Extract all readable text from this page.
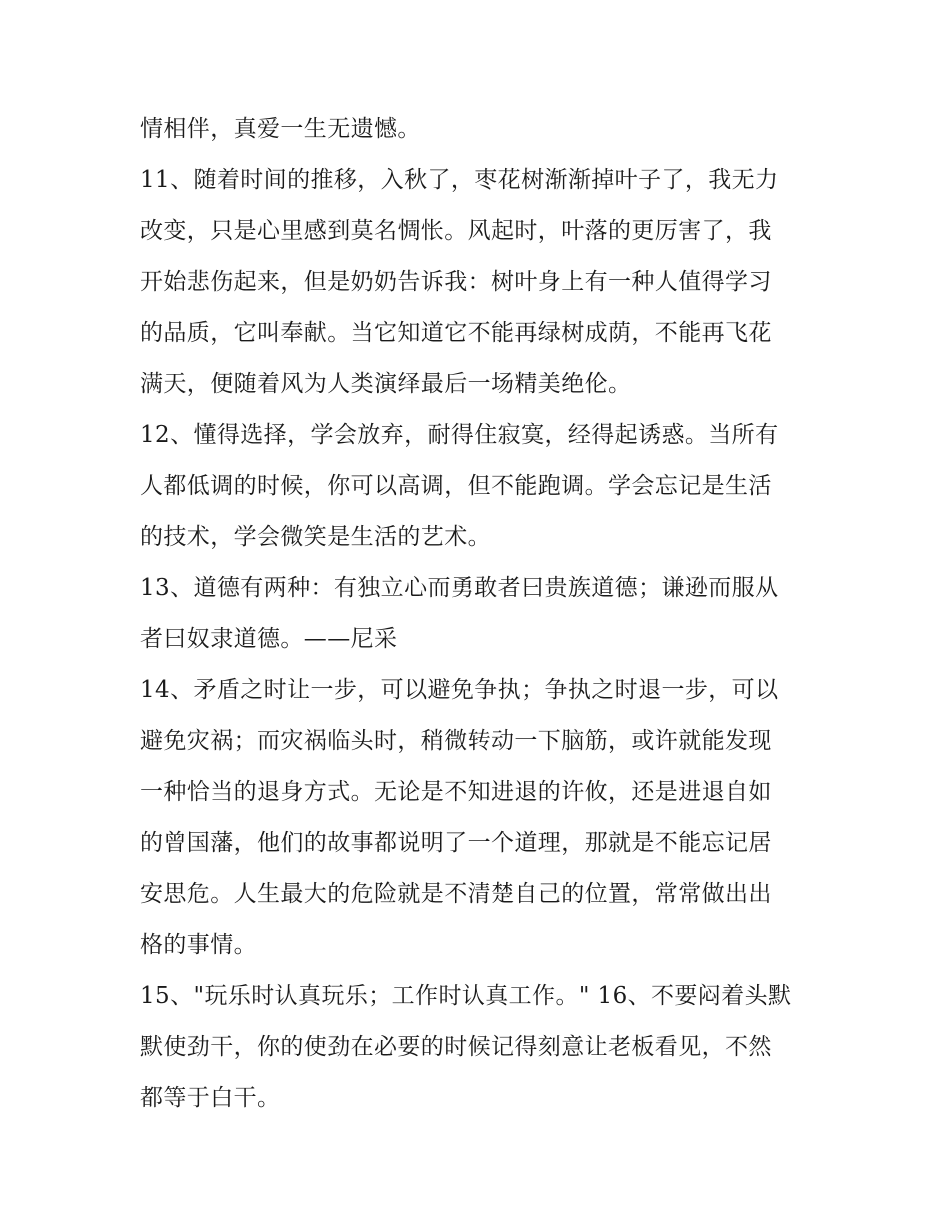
情相伴，真爱一生无遗憾。
11、随着时间的推移，入秋了，枣花树渐渐掉叶子了，我无力
改变，只是心里感到莫名惆怅。风起时，叶落的更厉害了，我
开始悲伤起来，但是奶奶告诉我：树叶身上有一种人值得学习
的品质，它叫奉献。当它知道它不能再绿树成荫，不能再飞花
满天，便随着风为人类演绎最后一场精美绝伦。
12、懂得选择，学会放弃，耐得住寂寞，经得起诱惑。当所有
人都低调的时候，你可以高调，但不能跑调。学会忘记是生活
的技术，学会微笑是生活的艺术。
13、道德有两种：有独立心而勇敢者曰贵族道德；谦逊而服从
者曰奴隶道德。——尼采
14、矛盾之时让一步，可以避免争执；争执之时退一步，可以
避免灾祸；而灾祸临头时，稍微转动一下脑筋，或许就能发现
一种恰当的退身方式。无论是不知进退的许攸，还是进退自如
的曾国藩，他们的故事都说明了一个道理，那就是不能忘记居
安思危。人生最大的危险就是不清楚自己的位置，常常做出出
格的事情。
15、"玩乐时认真玩乐；工作时认真工作。" 16、不要闷着头默
默使劲干，你的使劲在必要的时候记得刻意让老板看见，不然
都等于白干。
